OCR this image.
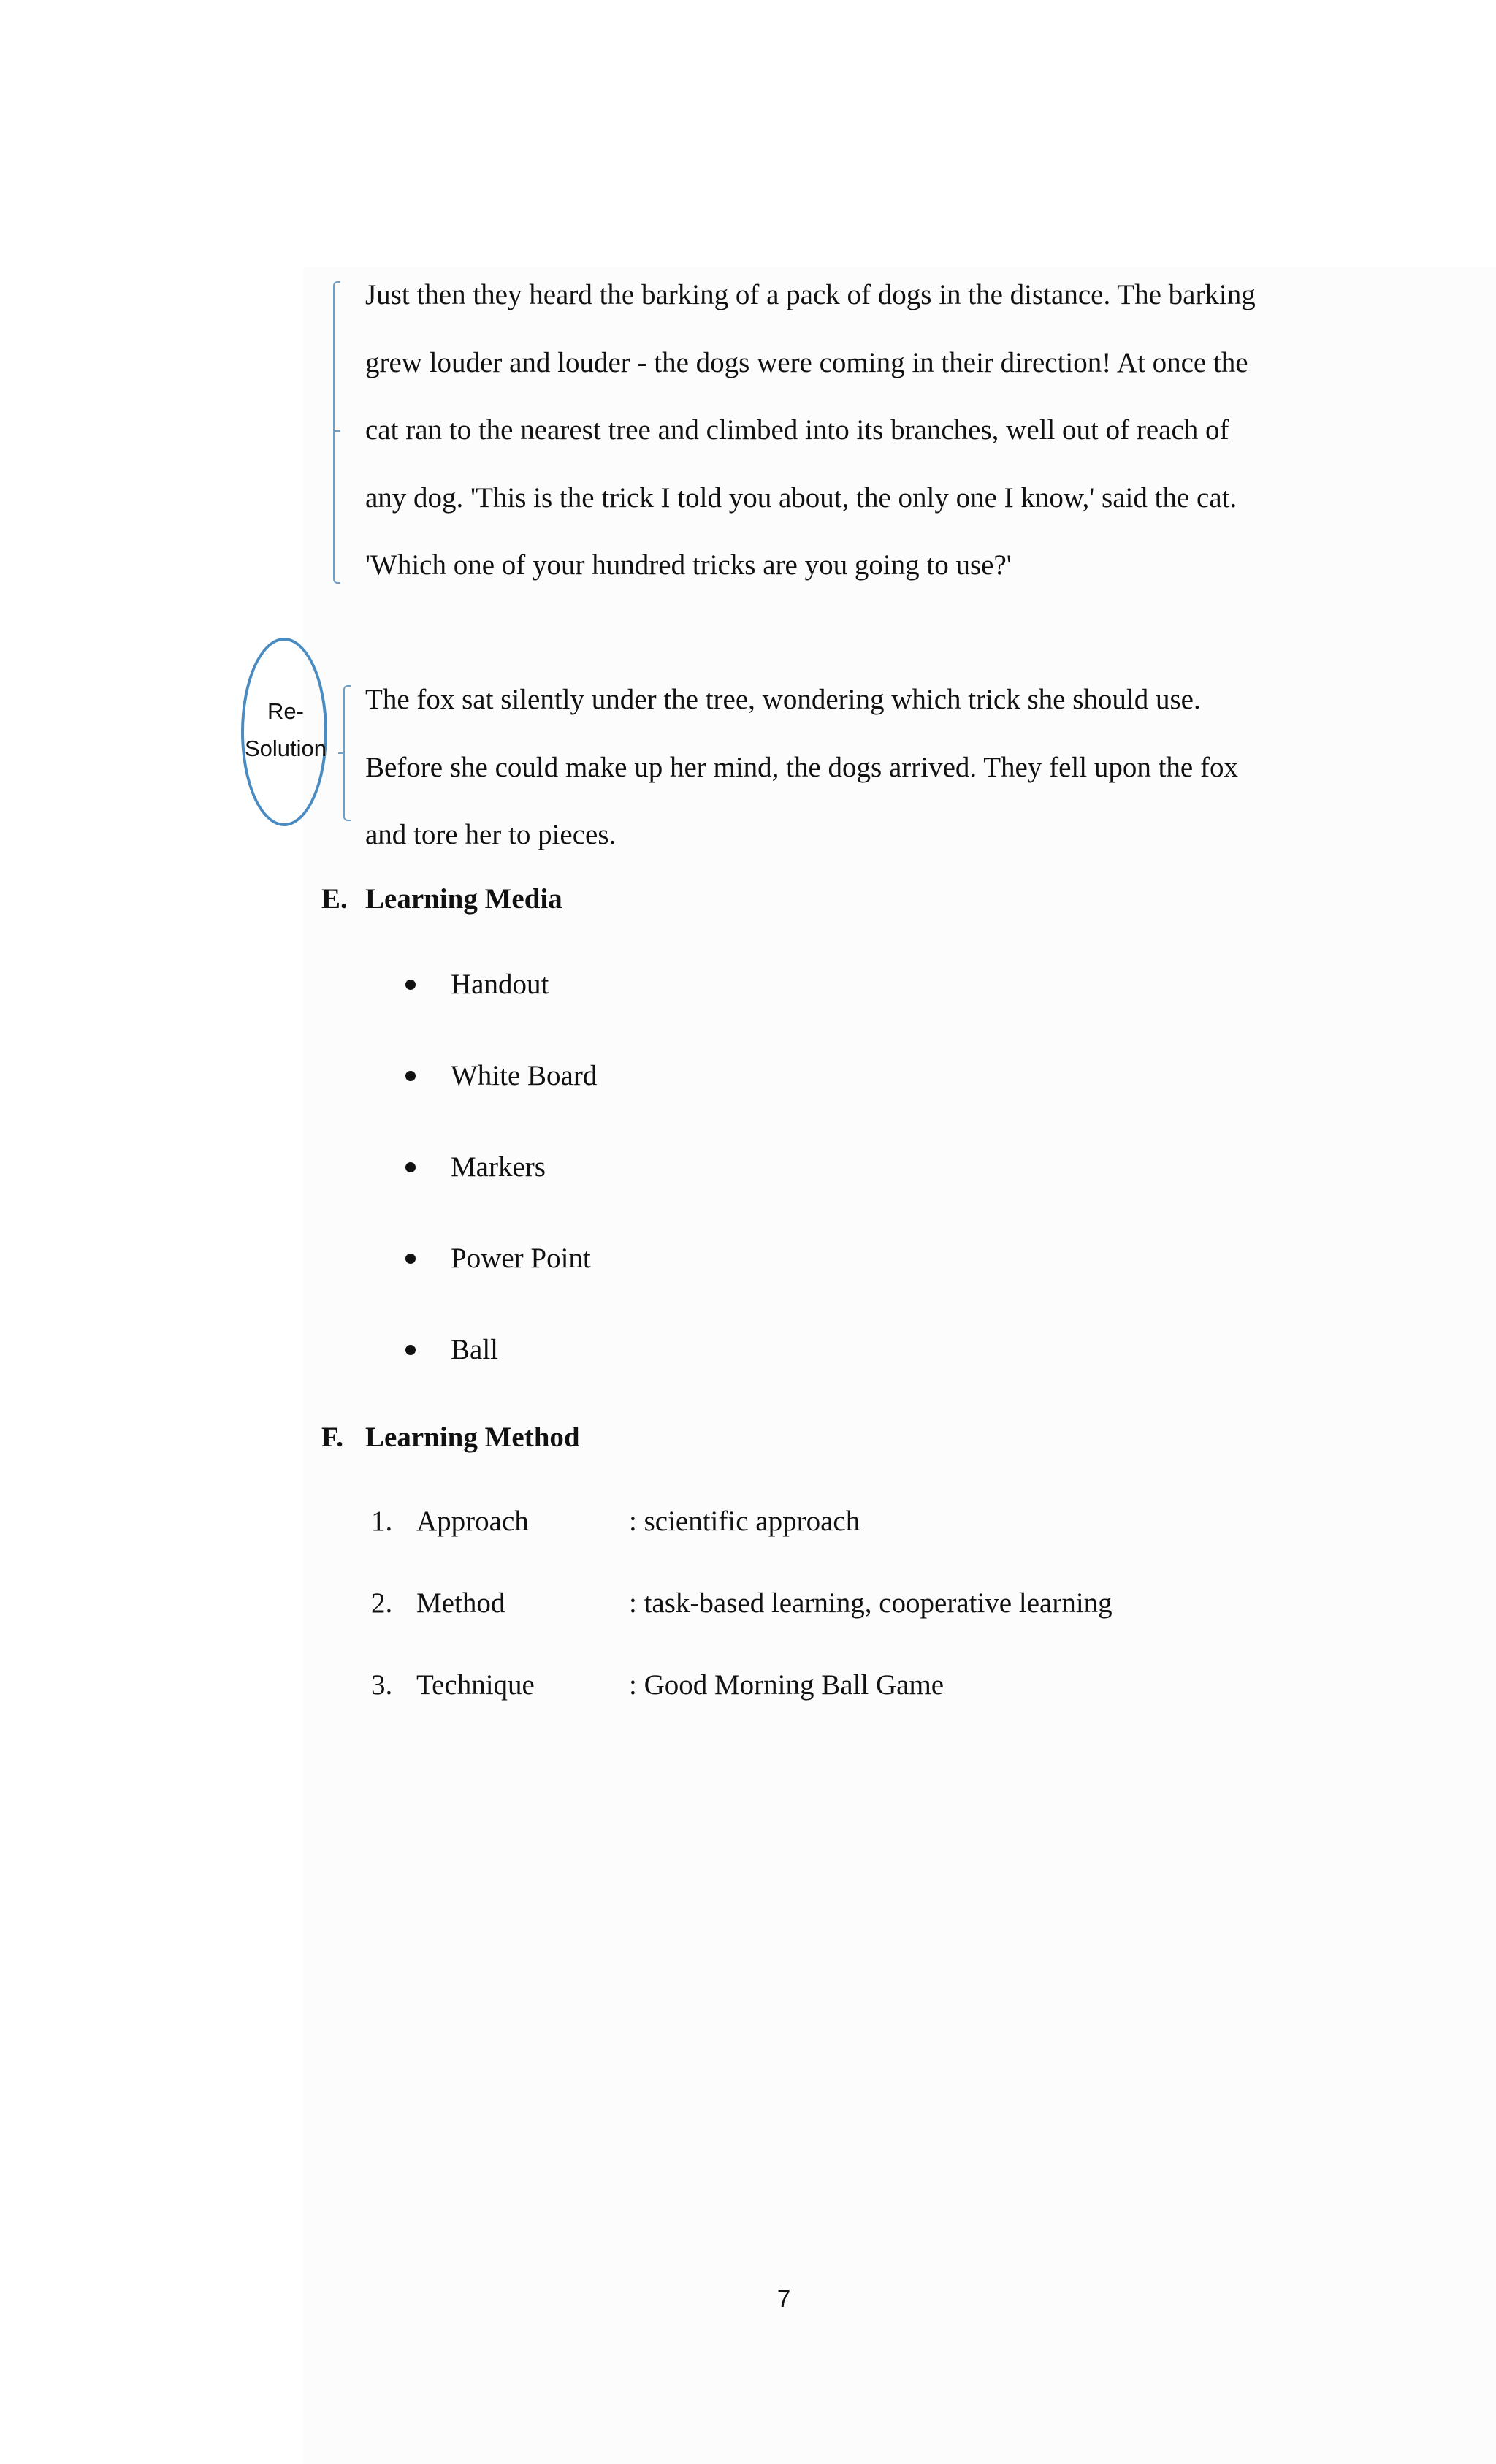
Just then they heard the barking of a pack of dogs in the distance. The barking
grew louder and louder - the dogs were coming in their direction! At once the
cat ran to the nearest tree and climbed into its branches, well out of reach of
any dog. 'This is the trick I told you about, the only one I know,' said the cat.
'Which one of your hundred tricks are you going to use?'

Re-
Solution

The fox sat silently under the tree, wondering which trick she should use.
Before she could make up her mind, the dogs arrived. They fell upon the fox
and tore her to pieces.

E. Learning Media
Handout
White Board
Markers
Power Point
Ball
F. Learning Method
1. Approach	: scientific approach
2. Method	: task-based learning, cooperative learning
3. Technique	: Good Morning Ball Game
7
